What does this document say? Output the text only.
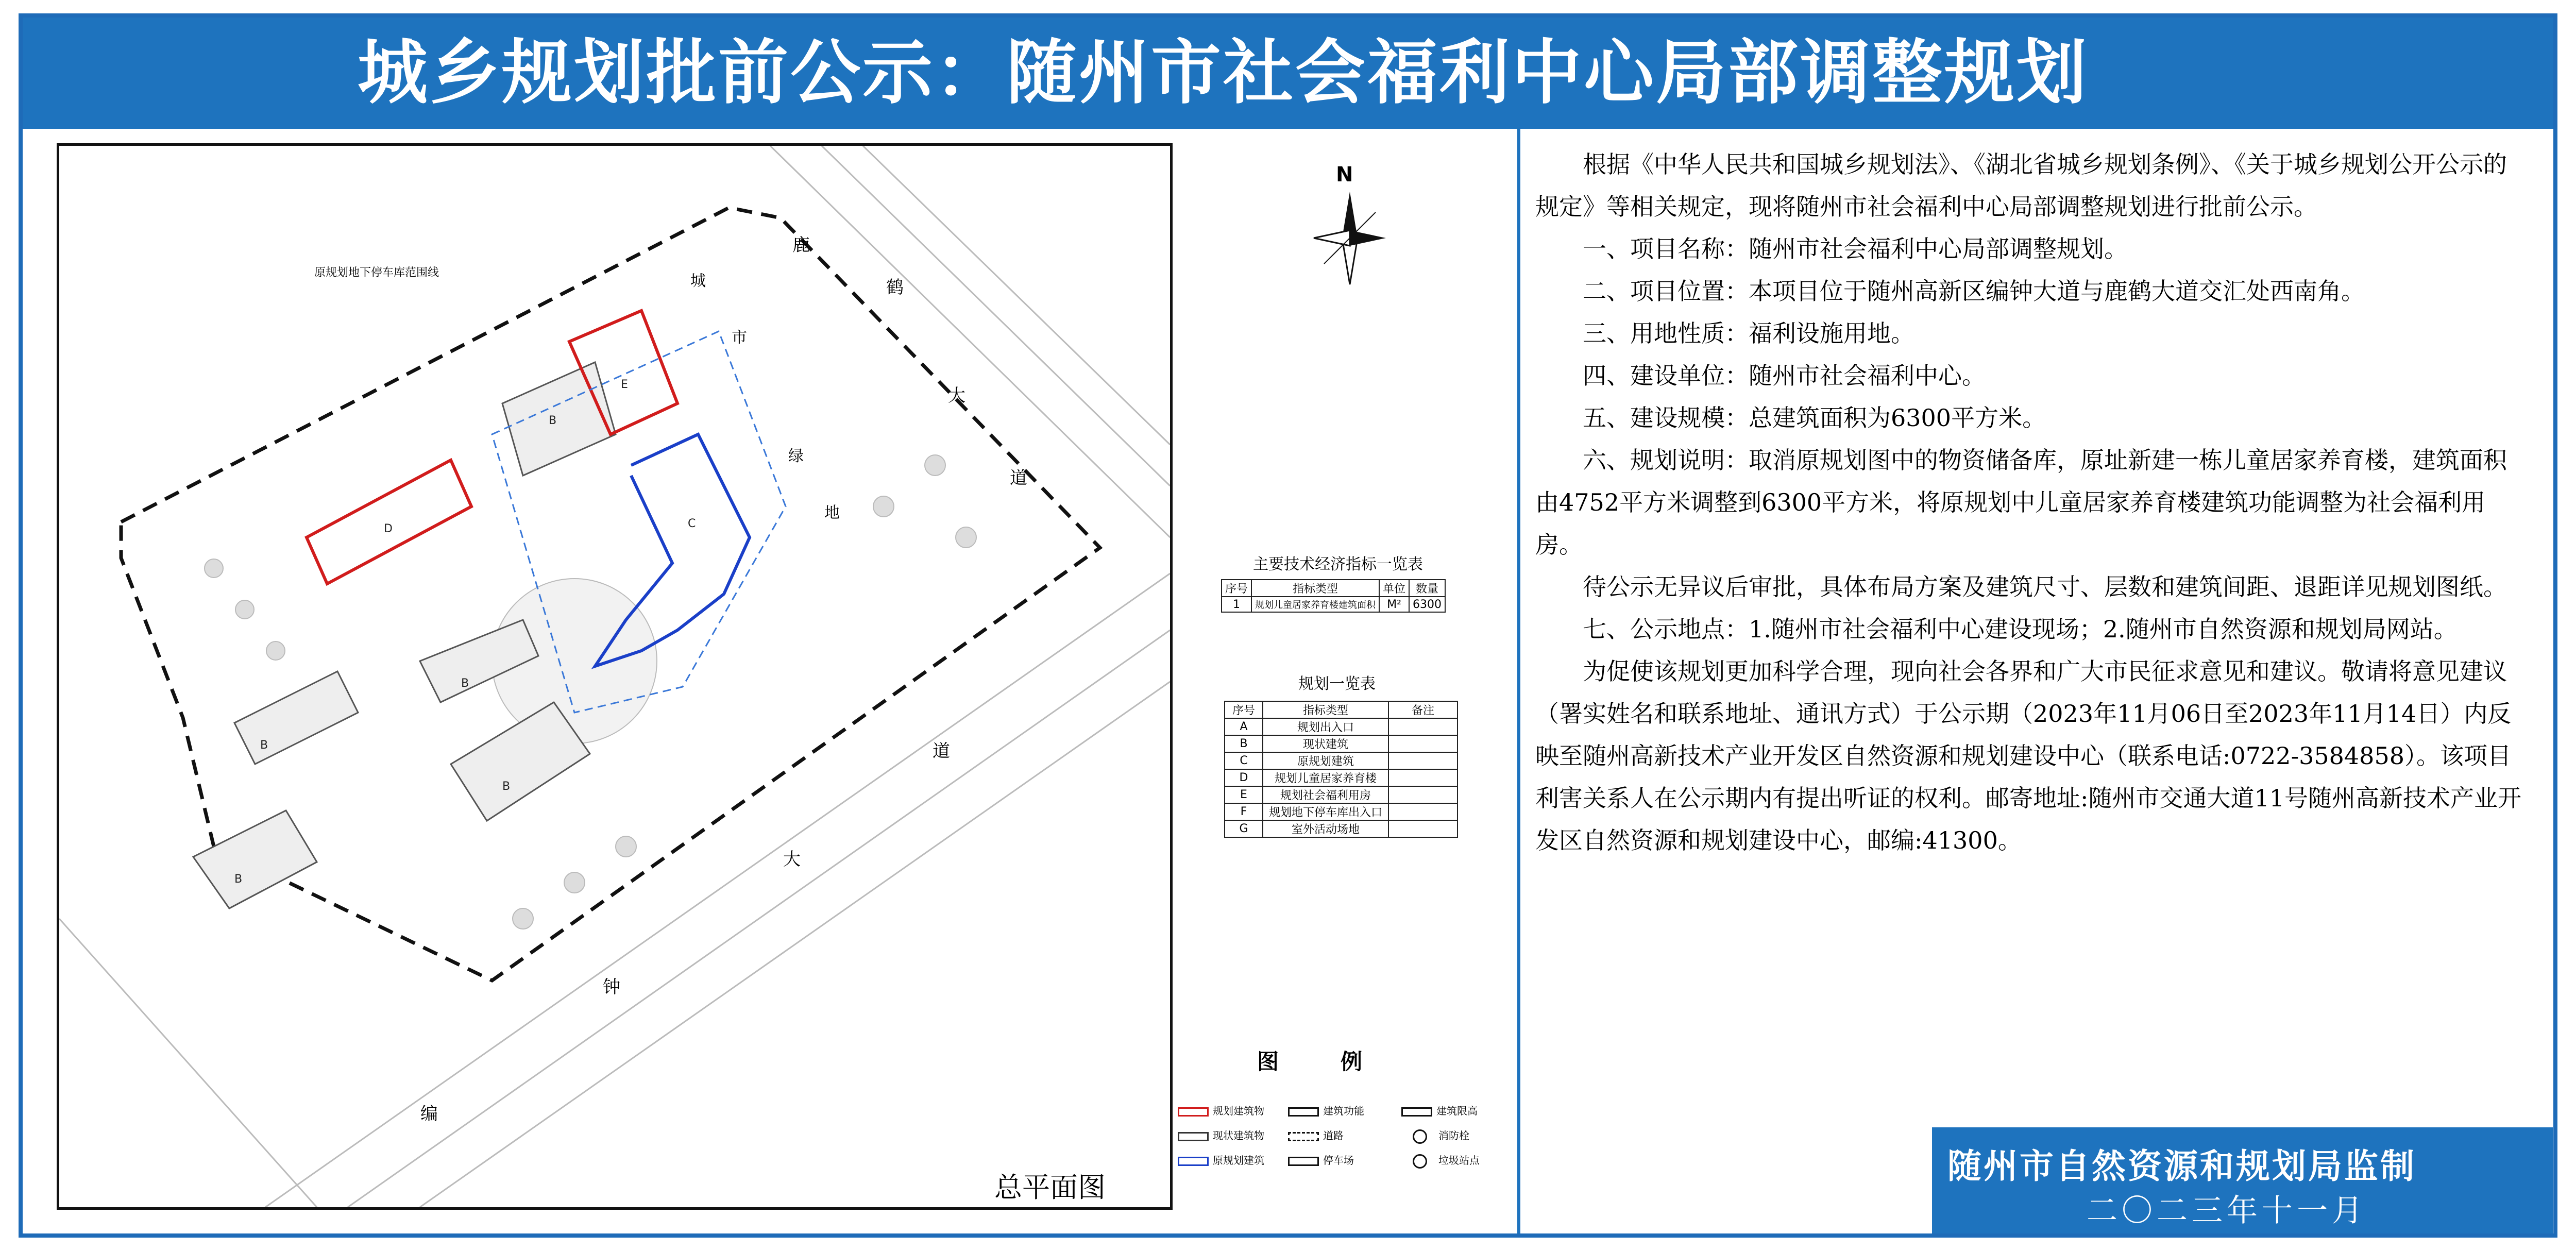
城乡规划批前公示：随州市社会福利中心局部调整规划
B
B
B
B
B
D
E
C
原规划地下停车库范围线
鹿
鹤
大
道
城
市
绿
地
编
钟
大
道
总平面图
N
主要技术经济指标一览表
序号	指标类型	单位	数量
1	规划儿童居家养育楼建筑面积	M²	6300
规划一览表
序号	指标类型	备注
A	规划出入口	
B	现状建筑	
C	原规划建筑	
D	规划儿童居家养育楼	
E	规划社会福利用房	
F	规划地下停车库出入口	
G	室外活动场地	
图例
规划建筑物
现状建筑物
原规划建筑
建筑功能
道路
停车场
建筑限高
消防栓
垃圾站点

根据《中华人民共和国城乡规划法》、《湖北省城乡规划条例》、《关于城乡规划公开公示的规定》等相关规定，现将随州市社会福利中心局部调整规划进行批前公示。

一、项目名称：随州市社会福利中心局部调整规划。

二、项目位置：本项目位于随州高新区编钟大道与鹿鹤大道交汇处西南角。

三、用地性质：福利设施用地。

四、建设单位：随州市社会福利中心。

五、建设规模：总建筑面积为6300平方米。

六、规划说明：取消原规划图中的物资储备库，原址新建一栋儿童居家养育楼，建筑面积由4752平方米调整到6300平方米，将原规划中儿童居家养育楼建筑功能调整为社会福利用房。

待公示无异议后审批，具体布局方案及建筑尺寸、层数和建筑间距、退距详见规划图纸。

七、公示地点：1.随州市社会福利中心建设现场；2.随州市自然资源和规划局网站。

为促使该规划更加科学合理，现向社会各界和广大市民征求意见和建议。敬请将意见建议（署实姓名和联系地址、通讯方式）于公示期（2023年11月06日至2023年11月14日）内反映至随州高新技术产业开发区自然资源和规划建设中心（联系电话:0722-3584858）。该项目利害关系人在公示期内有提出听证的权利。邮寄地址:随州市交通大道11号随州高新技术产业开发区自然资源和规划建设中心，邮编:41300。

随州市自然资源和规划局监制
二〇二三年十一月
